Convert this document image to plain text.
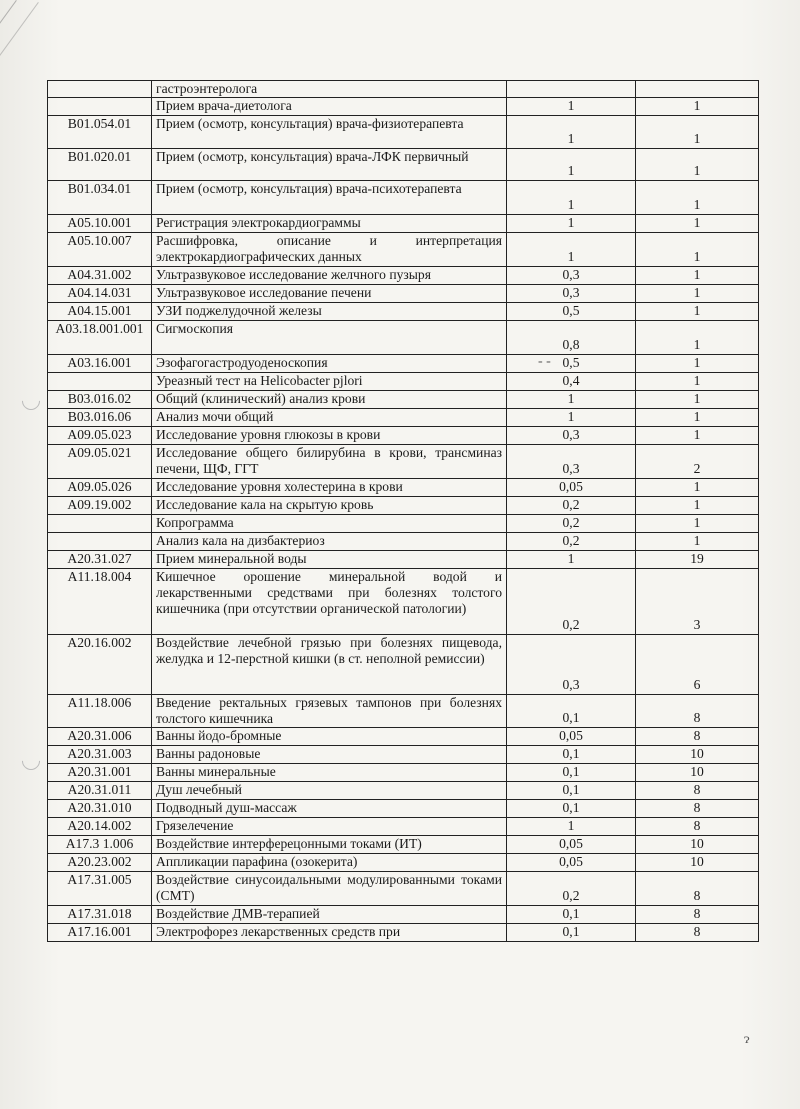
- -
ɂ
	гастроэнтеролога		
	Прием врача-диетолога	1	1
B01.054.01	Прием (осмотр, консультация) врача-физиотерапевта	1	1
B01.020.01	Прием (осмотр, консультация) врача-ЛФК первичный	1	1
B01.034.01	Прием (осмотр, консультация) врача-психотерапевта	1	1
A05.10.001	Регистрация электрокардиограммы	1	1
A05.10.007	Расшифровка, описание и интерпретация электрокардиографических данных	1	1
A04.31.002	Ультразвуковое исследование желчного пузыря	0,3	1
A04.14.031	Ультразвуковое исследование печени	0,3	1
A04.15.001	УЗИ поджелудочной железы	0,5	1
A03.18.001.001	Сигмоскопия	0,8	1
A03.16.001	Эзофагогастродуоденоскопия	0,5	1
	Уреазный тест на Helicobacter pjlori	0,4	1
B03.016.02	Общий (клинический) анализ крови	1	1
B03.016.06	Анализ мочи общий	1	1
A09.05.023	Исследование уровня глюкозы в крови	0,3	1
A09.05.021	Исследование общего билирубина в крови, трансминаз печени, ЩФ, ГГТ	0,3	2
A09.05.026	Исследование уровня холестерина в крови	0,05	1
A09.19.002	Исследование кала на скрытую кровь	0,2	1
	Копрограмма	0,2	1
	Анализ кала на дизбактериоз	0,2	1
A20.31.027	Прием минеральной воды	1	19
A11.18.004	Кишечное орошение минеральной водой и лекарственными средствами при болезнях толстого кишечника (при отсутствии органической патологии)	0,2	3
A20.16.002	Воздействие лечебной грязью при болезнях пищевода, желудка и 12-перстной кишки (в ст. неполной ремиссии)	0,3	6
A11.18.006	Введение ректальных грязевых тампонов при болезнях толстого кишечника	0,1	8
A20.31.006	Ванны йодо-бромные	0,05	8
A20.31.003	Ванны радоновые	0,1	10
A20.31.001	Ванны минеральные	0,1	10
A20.31.011	Душ лечебный	0,1	8
A20.31.010	Подводный душ-массаж	0,1	8
A20.14.002	Грязелечение	1	8
A17.3 1.006	Воздействие интерферецонными токами (ИТ)	0,05	10
A20.23.002	Аппликации парафина (озокерита)	0,05	10
A17.31.005	Воздействие синусоидальными модулированными токами (СМТ)	0,2	8
A17.31.018	Воздействие ДМВ-терапией	0,1	8
A17.16.001	Электрофорез лекарственных средств при	0,1	8
